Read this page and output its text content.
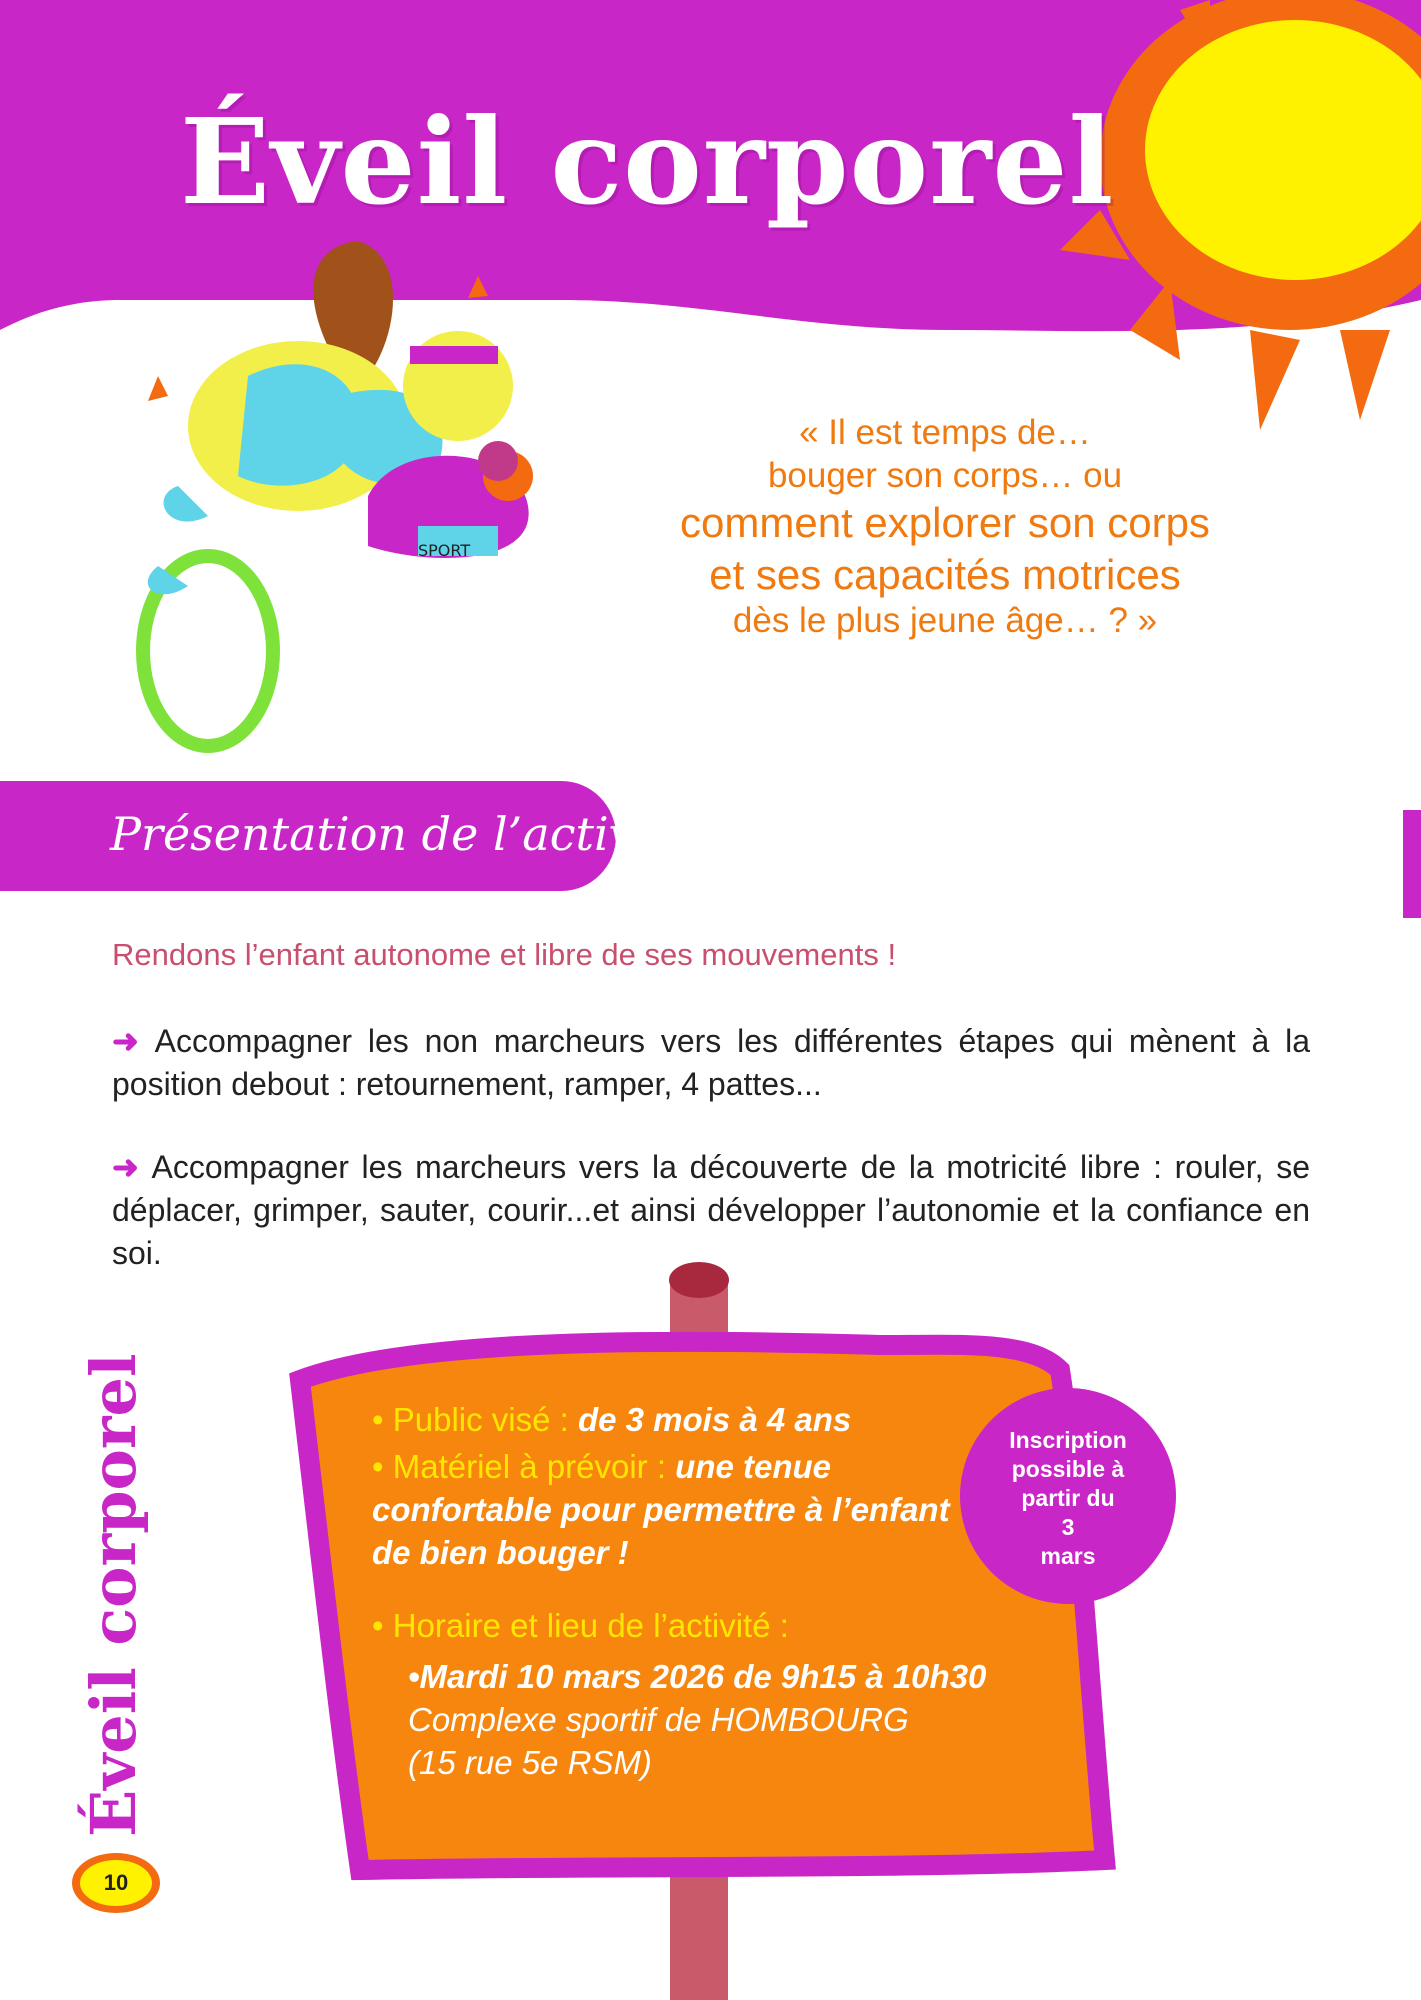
Éveil corporel
SPORT
« Il est temps de…
bouger son corps… ou
comment explorer son corps
et ses capacités motrices
dès le plus jeune âge… ? »
Présentation de l’activité
Rendons l’enfant autonome et libre de ses mouvements !
➜ Accompagner les non marcheurs vers les différentes étapes qui mènent à la position debout : retournement, ramper, 4 pattes...
➜ Accompagner les marcheurs vers la découverte de la motricité libre : rouler, se déplacer, grimper, sauter, courir...et ainsi développer l’autonomie et la confiance en soi.
• Public visé : de 3 mois à 4 ans
• Matériel à prévoir : une tenue confortable pour permettre à l’enfant de bien bouger !
• Horaire et lieu de l’activité :
•Mardi 10 mars 2026 de 9h15 à 10h30
Complexe sportif de HOMBOURG
(15 rue 5e RSM)
Inscription
possible à
partir du
3
mars
Éveil corporel
10
